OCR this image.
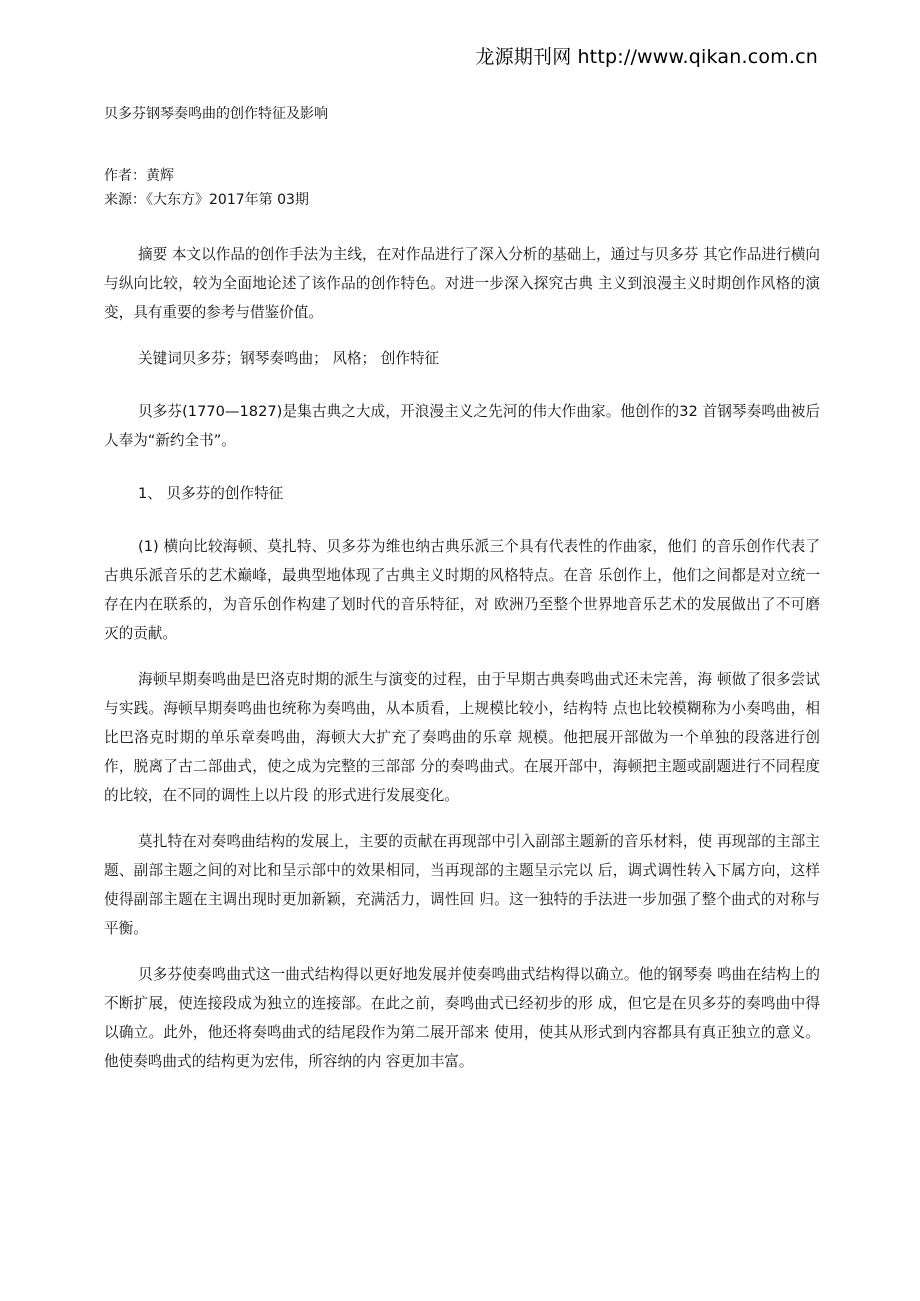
龙源期刊网 http://www.qikan.com.cn
贝多芬钢琴奏鸣曲的创作特征及影响

作者：黄辉

来源：《大东方》2017年第 03期

摘要 本文以作品的创作手法为主线，在对作品进行了深入分析的基础上，通过与贝多芬 其它作品进行横向与纵向比较，较为全面地论述了该作品的创作特色。对进一步深入探究古典 主义到浪漫主义时期创作风格的演变，具有重要的参考与借鉴价值。

关键词贝多芬；钢琴奏鸣曲； 风格； 创作特征

贝多芬(1770—1827)是集古典之大成，开浪漫主义之先河的伟大作曲家。他创作的32 首钢琴奏鸣曲被后人奉为“新约全书”。

1、 贝多芬的创作特征

(1) 横向比较海顿、莫扎特、贝多芬为维也纳古典乐派三个具有代表性的作曲家，他们 的音乐创作代表了古典乐派音乐的艺术巅峰，最典型地体现了古典主义时期的风格特点。在音 乐创作上，他们之间都是对立统一存在内在联系的，为音乐创作构建了划时代的音乐特征，对 欧洲乃至整个世界地音乐艺术的发展做出了不可磨灭的贡献。

海顿早期奏鸣曲是巴洛克时期的派生与演变的过程，由于早期古典奏鸣曲式还未完善，海 顿做了很多尝试与实践。海顿早期奏鸣曲也统称为奏鸣曲，从本质看，上规模比较小，结构特 点也比较模糊称为小奏鸣曲，相比巴洛克时期的单乐章奏鸣曲，海顿大大扩充了奏鸣曲的乐章 规模。他把展开部做为一个单独的段落进行创作，脱离了古二部曲式，使之成为完整的三部部 分的奏鸣曲式。在展开部中，海顿把主题或副题进行不同程度的比较，在不同的调性上以片段 的形式进行发展变化。

莫扎特在对奏鸣曲结构的发展上，主要的贡献在再现部中引入副部主题新的音乐材料，使 再现部的主部主题、副部主题之间的对比和呈示部中的效果相同，当再现部的主题呈示完以 后，调式调性转入下属方向，这样使得副部主题在主调出现时更加新颖，充满活力，调性回 归。这一独特的手法进一步加强了整个曲式的对称与平衡。

贝多芬使奏鸣曲式这一曲式结构得以更好地发展并使奏鸣曲式结构得以确立。他的钢琴奏 鸣曲在结构上的不断扩展，使连接段成为独立的连接部。在此之前，奏鸣曲式已经初步的形 成，但它是在贝多芬的奏鸣曲中得以确立。此外，他还将奏鸣曲式的结尾段作为第二展开部来 使用，使其从形式到内容都具有真正独立的意义。他使奏鸣曲式的结构更为宏伟，所容纳的内 容更加丰富。
